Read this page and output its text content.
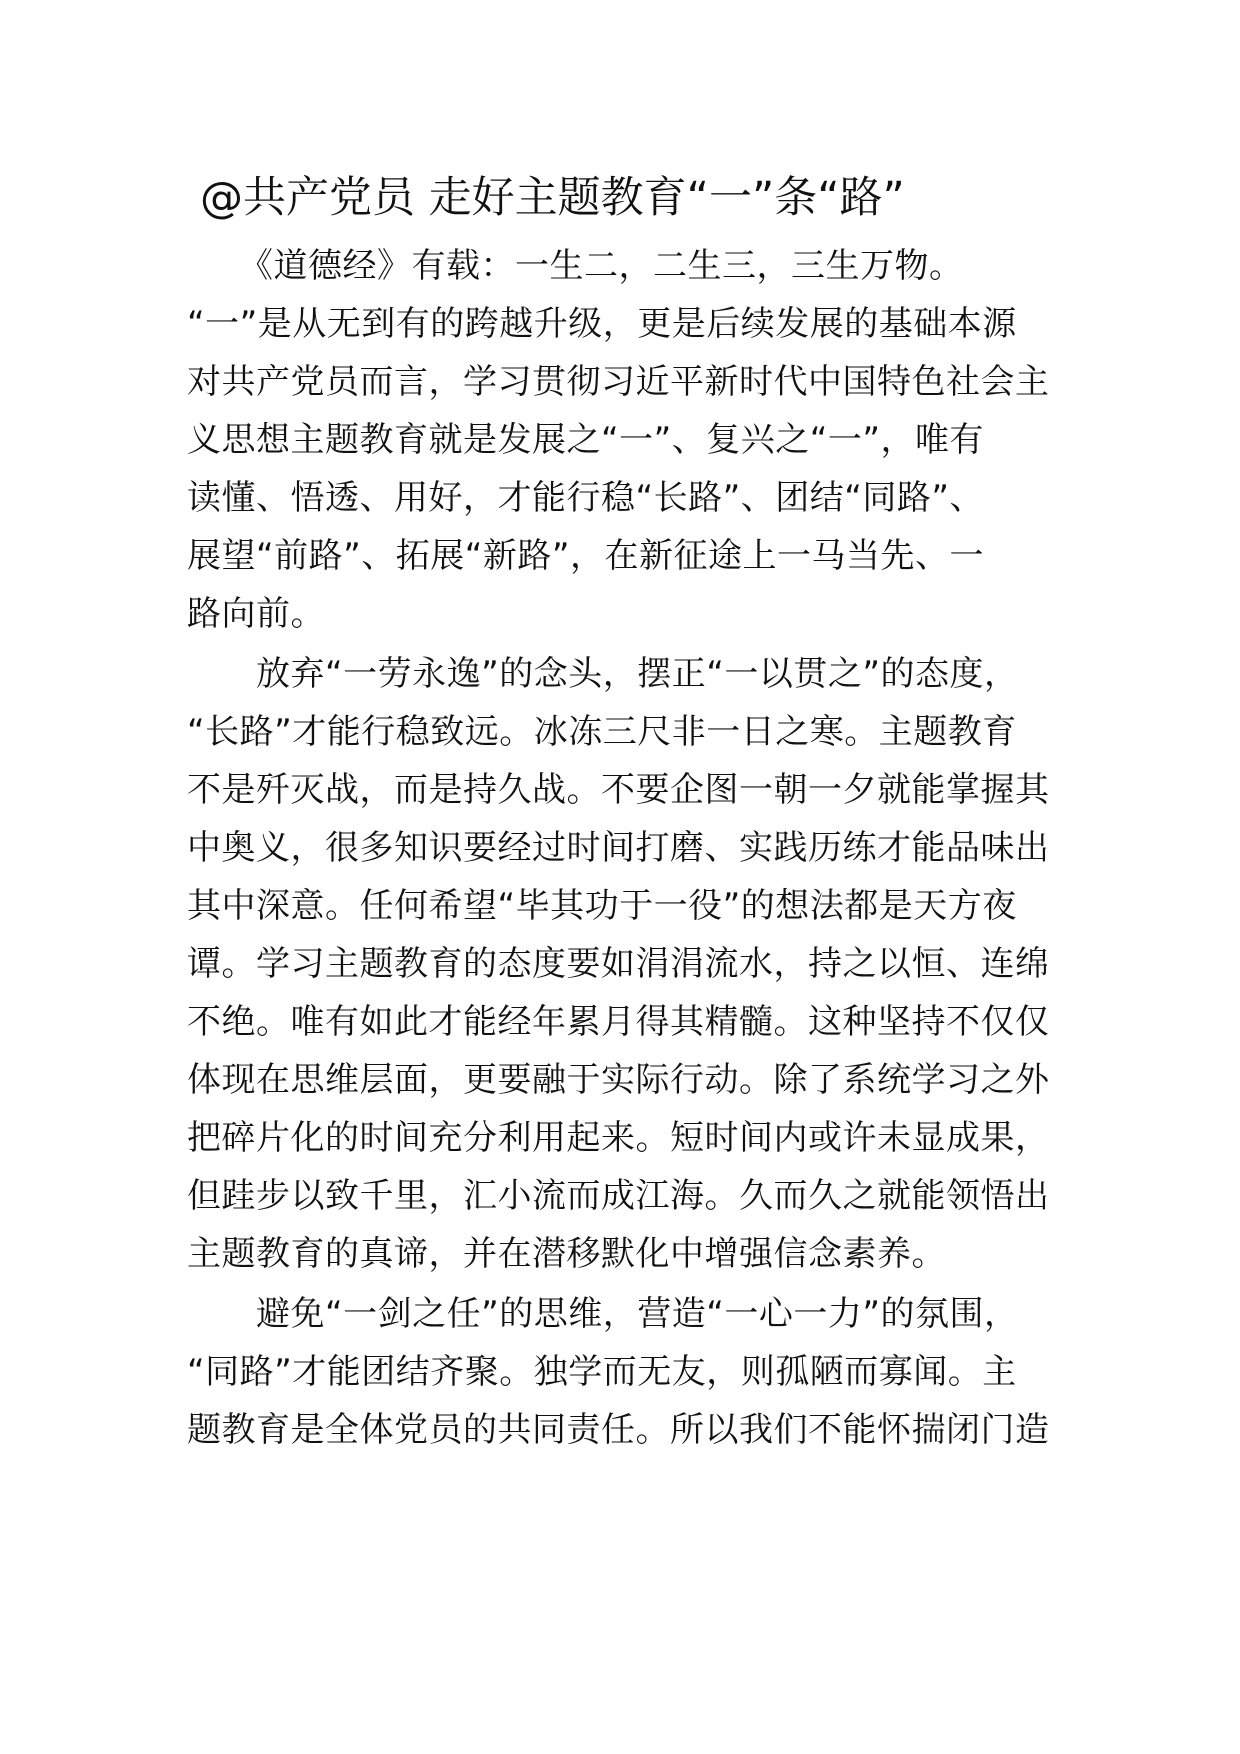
@共产党员 走好主题教育“一”条“路”
　　《道德经》有载：一生二，二生三，三生万物。
“一”是从无到有的跨越升级，更是后续发展的基础本源
对共产党员而言，学习贯彻习近平新时代中国特色社会主
义思想主题教育就是发展之“一”、复兴之“一”，唯有
读懂、悟透、用好，才能行稳“长路”、团结“同路”、
展望“前路”、拓展“新路”，在新征途上一马当先、一
路向前。
　　放弃“一劳永逸”的念头，摆正“一以贯之”的态度，
“长路”才能行稳致远。冰冻三尺非一日之寒。主题教育
不是歼灭战，而是持久战。不要企图一朝一夕就能掌握其
中奥义，很多知识要经过时间打磨、实践历练才能品味出
其中深意。任何希望“毕其功于一役”的想法都是天方夜
谭。学习主题教育的态度要如涓涓流水，持之以恒、连绵
不绝。唯有如此才能经年累月得其精髓。这种坚持不仅仅
体现在思维层面，更要融于实际行动。除了系统学习之外
把碎片化的时间充分利用起来。短时间内或许未显成果，
但跬步以致千里，汇小流而成江海。久而久之就能领悟出
主题教育的真谛，并在潜移默化中增强信念素养。
　　避免“一剑之任”的思维，营造“一心一力”的氛围，
“同路”才能团结齐聚。独学而无友，则孤陋而寡闻。主
题教育是全体党员的共同责任。所以我们不能怀揣闭门造
